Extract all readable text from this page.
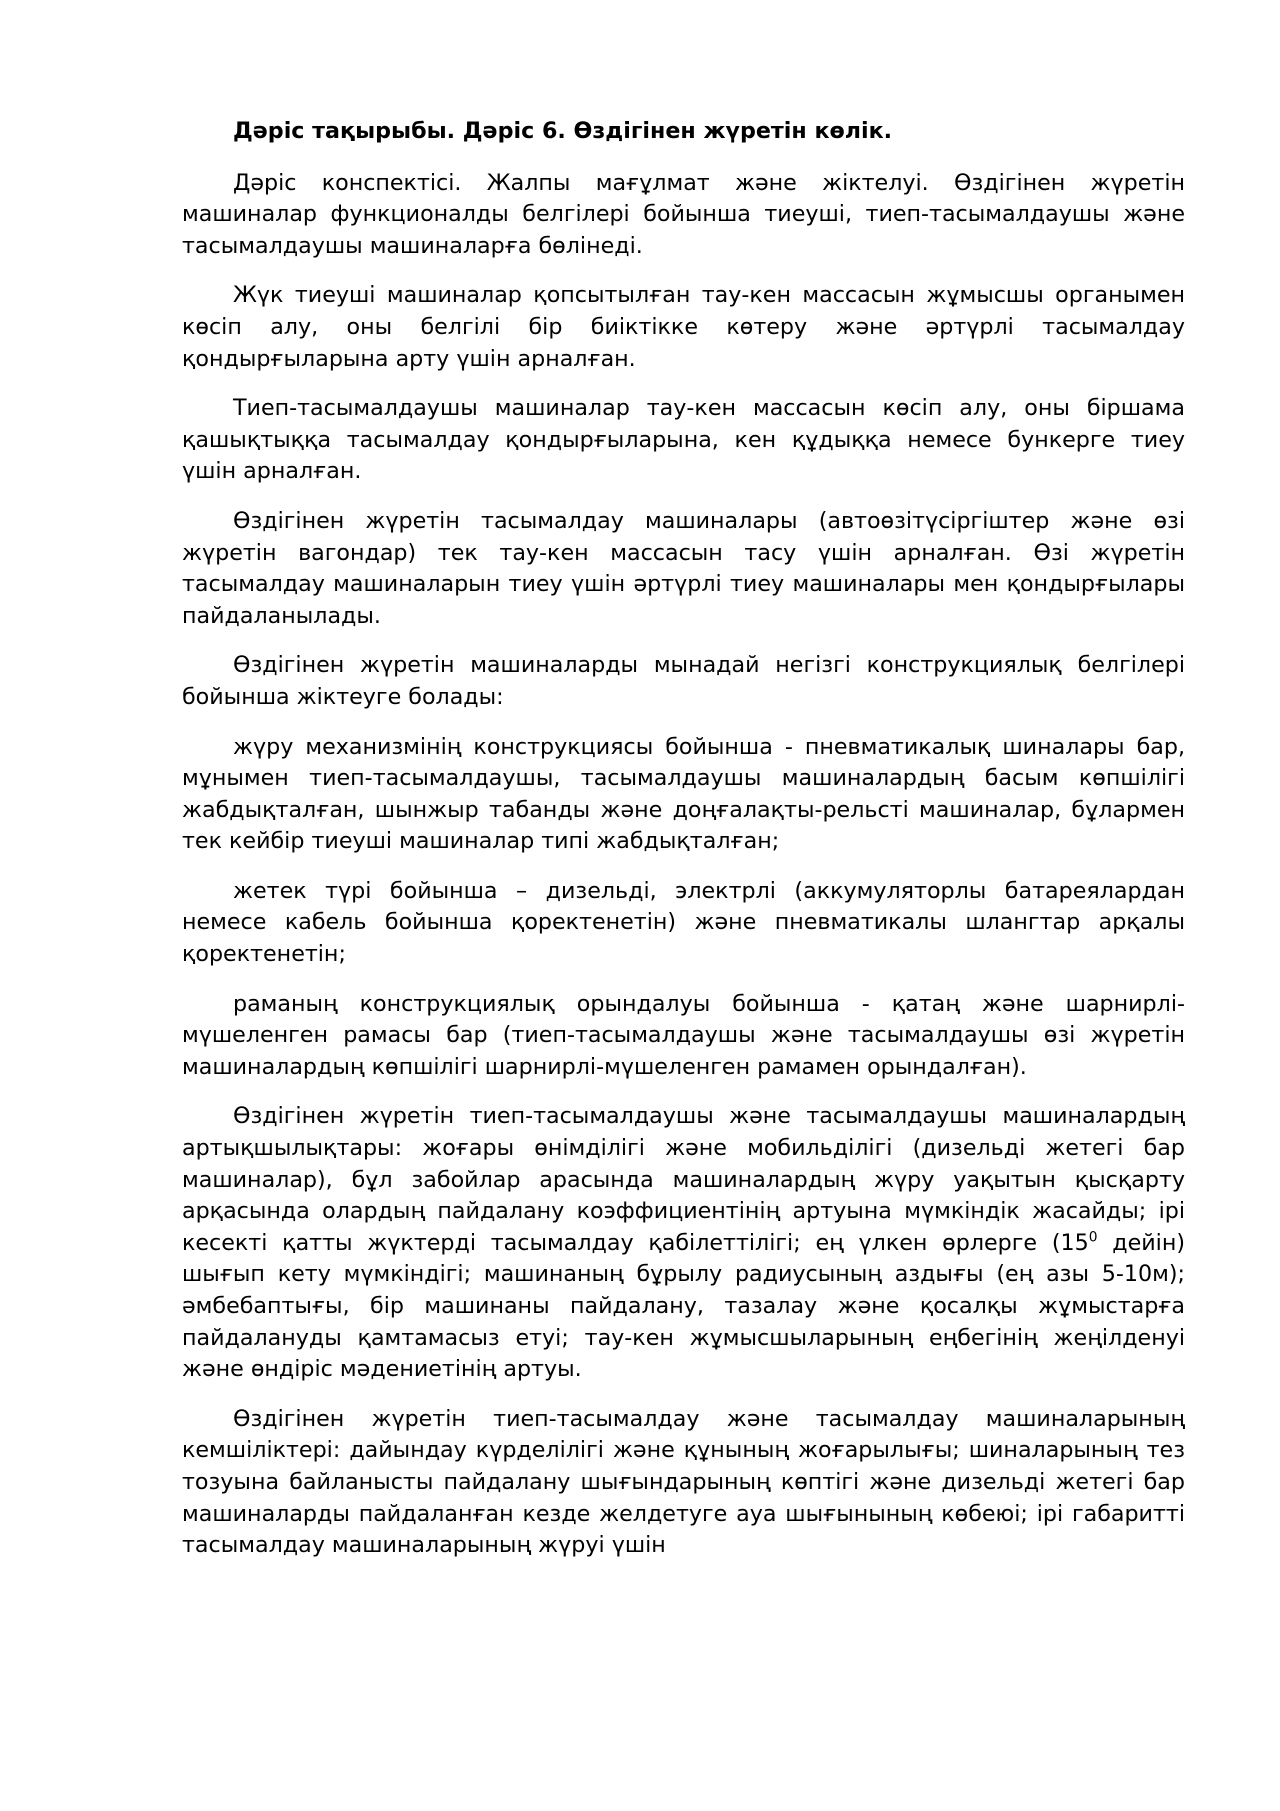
Дәріс тақырыбы. Дәріс 6. Өздігінен жүретін көлік.

Дәріс конспектісі. Жалпы мағұлмат және жіктелуі. Өздігінен жүретін машиналар функционалды белгілері бойынша тиеуші, тиеп-тасымалдаушы және тасымалдаушы машиналарға бөлінеді.

Жүк тиеуші машиналар қопсытылған тау-кен массасын жұмысшы органымен көсіп алу, оны белгілі бір биіктікке көтеру және әртүрлі тасымалдау қондырғыларына арту үшін арналған.

Тиеп-тасымалдаушы машиналар тау-кен массасын көсіп алу, оны біршама қашықтыққа тасымалдау қондырғыларына, кен құдыққа немесе бункерге тиеу үшін арналған.

Өздігінен жүретін тасымалдау машиналары (автоөзітүсіргіштер және өзі жүретін вагондар) тек тау-кен массасын тасу үшін арналған. Өзі жүретін тасымалдау машиналарын тиеу үшін әртүрлі тиеу машиналары мен қондырғылары пайдаланылады.

Өздігінен жүретін машиналарды мынадай негізгі конструкциялық белгілері бойынша жіктеуге болады:

жүру механизмінің конструкциясы бойынша - пневматикалық шиналары бар, мұнымен тиеп-тасымалдаушы, тасымалдаушы машиналардың басым көпшілігі жабдықталған, шынжыр табанды және доңғалақты-рельсті машиналар, бұлармен тек кейбір тиеуші машиналар типі жабдықталған;

жетек түрі бойынша – дизельді, электрлі (аккумуляторлы батареялардан немесе кабель бойынша қоректенетін) және пневматикалы шлангтар арқалы қоректенетін;

раманың конструкциялық орындалуы бойынша - қатаң және шарнирлі-мүшеленген рамасы бар (тиеп-тасымалдаушы және тасымалдаушы өзі жүретін машиналардың көпшілігі шарнирлі-мүшеленген рамамен орындалған).

Өздігінен жүретін тиеп-тасымалдаушы және тасымалдаушы машиналардың артықшылықтары: жоғары өнімділігі және мобильділігі (дизельді жетегі бар машиналар), бұл забойлар арасында машиналардың жүру уақытын қысқарту арқасында олардың пайдалану коэффициентінің артуына мүмкіндік жасайды; ірі кесекті қатты жүктерді тасымалдау қабілеттілігі; ең үлкен өрлерге ($15^0$ дейін) шығып кету мүмкіндігі; машинаның бұрылу радиусының аздығы (ең азы 5-10м); әмбебаптығы, бір машинаны пайдалану, тазалау және қосалқы жұмыстарға пайдалануды қамтамасыз етуі; тау-кен жұмысшыларының еңбегінің жеңілденуі және өндіріс мәдениетінің артуы.

Өздігінен жүретін тиеп-тасымалдау және тасымалдау машиналарының кемшіліктері: дайындау күрделілігі және құнының жоғарылығы; шиналарының тез тозуына байланысты пайдалану шығындарының көптігі және дизельді жетегі бар машиналарды пайдаланған кезде желдетуге ауа шығынының көбеюі; ірі габаритті тасымалдау машиналарының жүруі үшін
